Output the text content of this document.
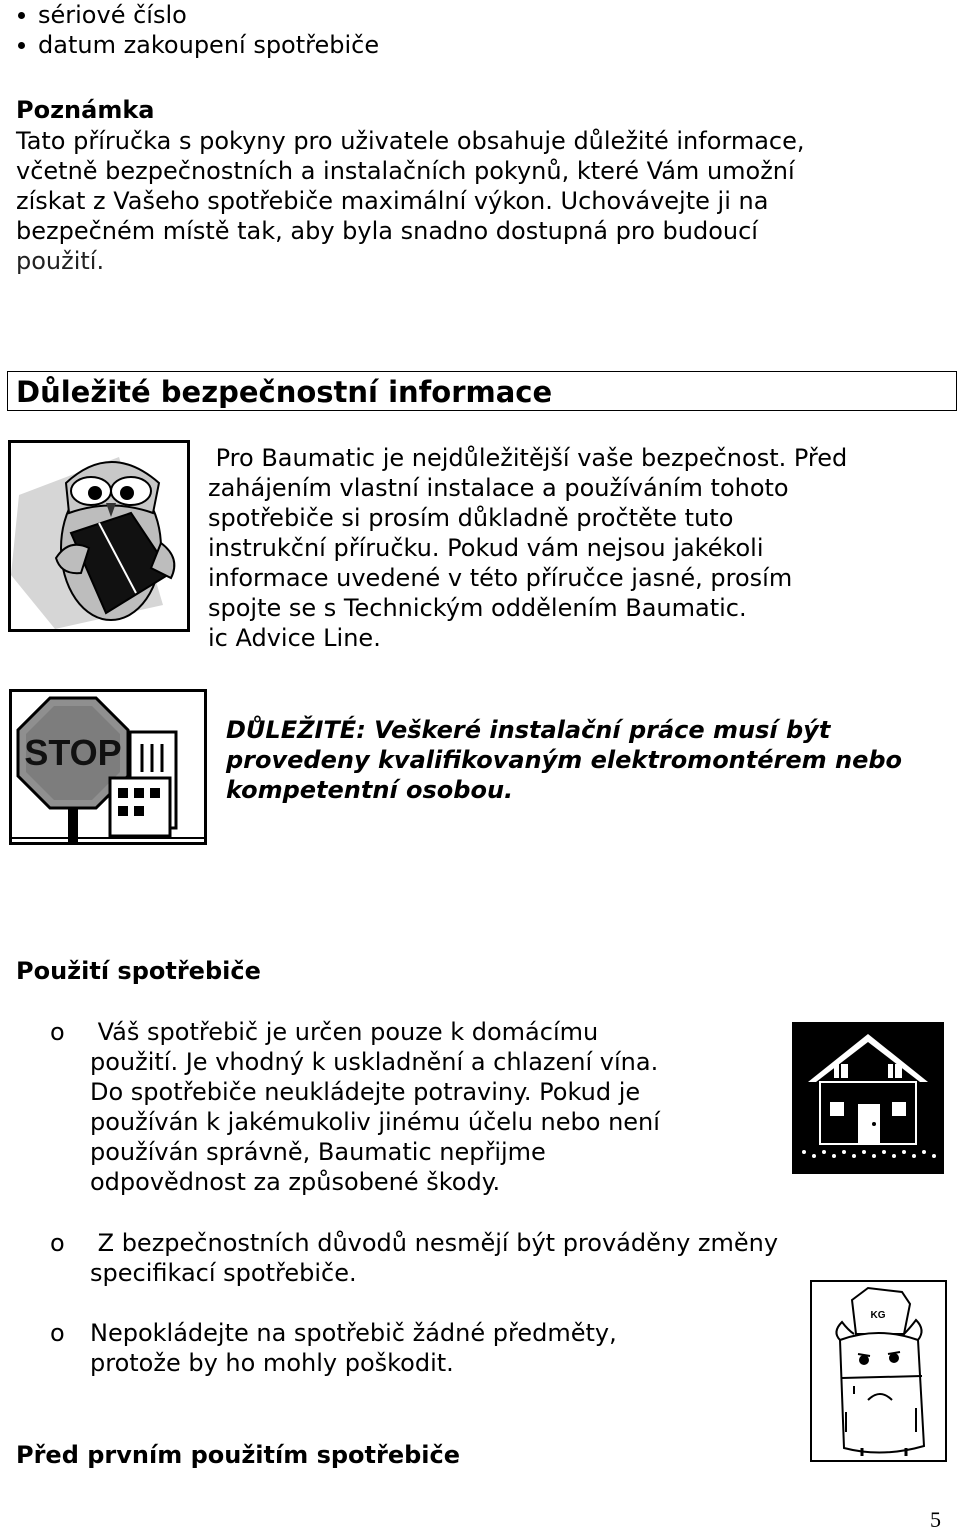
sériové číslo
datum zakoupení spotřebiče
Poznámka
Tato příručka s pokyny pro uživatele obsahuje důležité informace,
včetně bezpečnostních a instalačních pokynů, které Vám umožní
získat z Vašeho spotřebiče maximální výkon. Uchovávejte ji na
bezpečném místě tak, aby byla snadno dostupná pro budoucí
použití.
Důležité bezpečnostní informace
Pro Baumatic je nejdůležitější vaše bezpečnost. Před
zahájením vlastní instalace a používáním tohoto
spotřebiče si prosím důkladně pročtěte tuto
instrukční příručku. Pokud vám nejsou jakékoli
informace uvedené v této příručce jasné, prosím
spojte se s Technickým oddělením Baumatic.
ic Advice Line.
STOP
DŮLEŽITÉ: Veškeré instalační práce musí být
provedeny kvalifikovaným elektromontérem nebo
kompetentní osobou.
Použití spotřebiče
o Váš spotřebič je určen pouze k domácímu
použití. Je vhodný k uskladnění a chlazení vína.
Do spotřebiče neukládejte potraviny. Pokud je
používán k jakémukoliv jinému účelu nebo není
používán správně, Baumatic nepřijme
odpovědnost za způsobené škody.
o Z bezpečnostních důvodů nesmějí být prováděny změny
specifikací spotřebiče.
o Nepokládejte na spotřebič žádné předměty,
protože by ho mohly poškodit.
KG
Před prvním použitím spotřebiče
5
